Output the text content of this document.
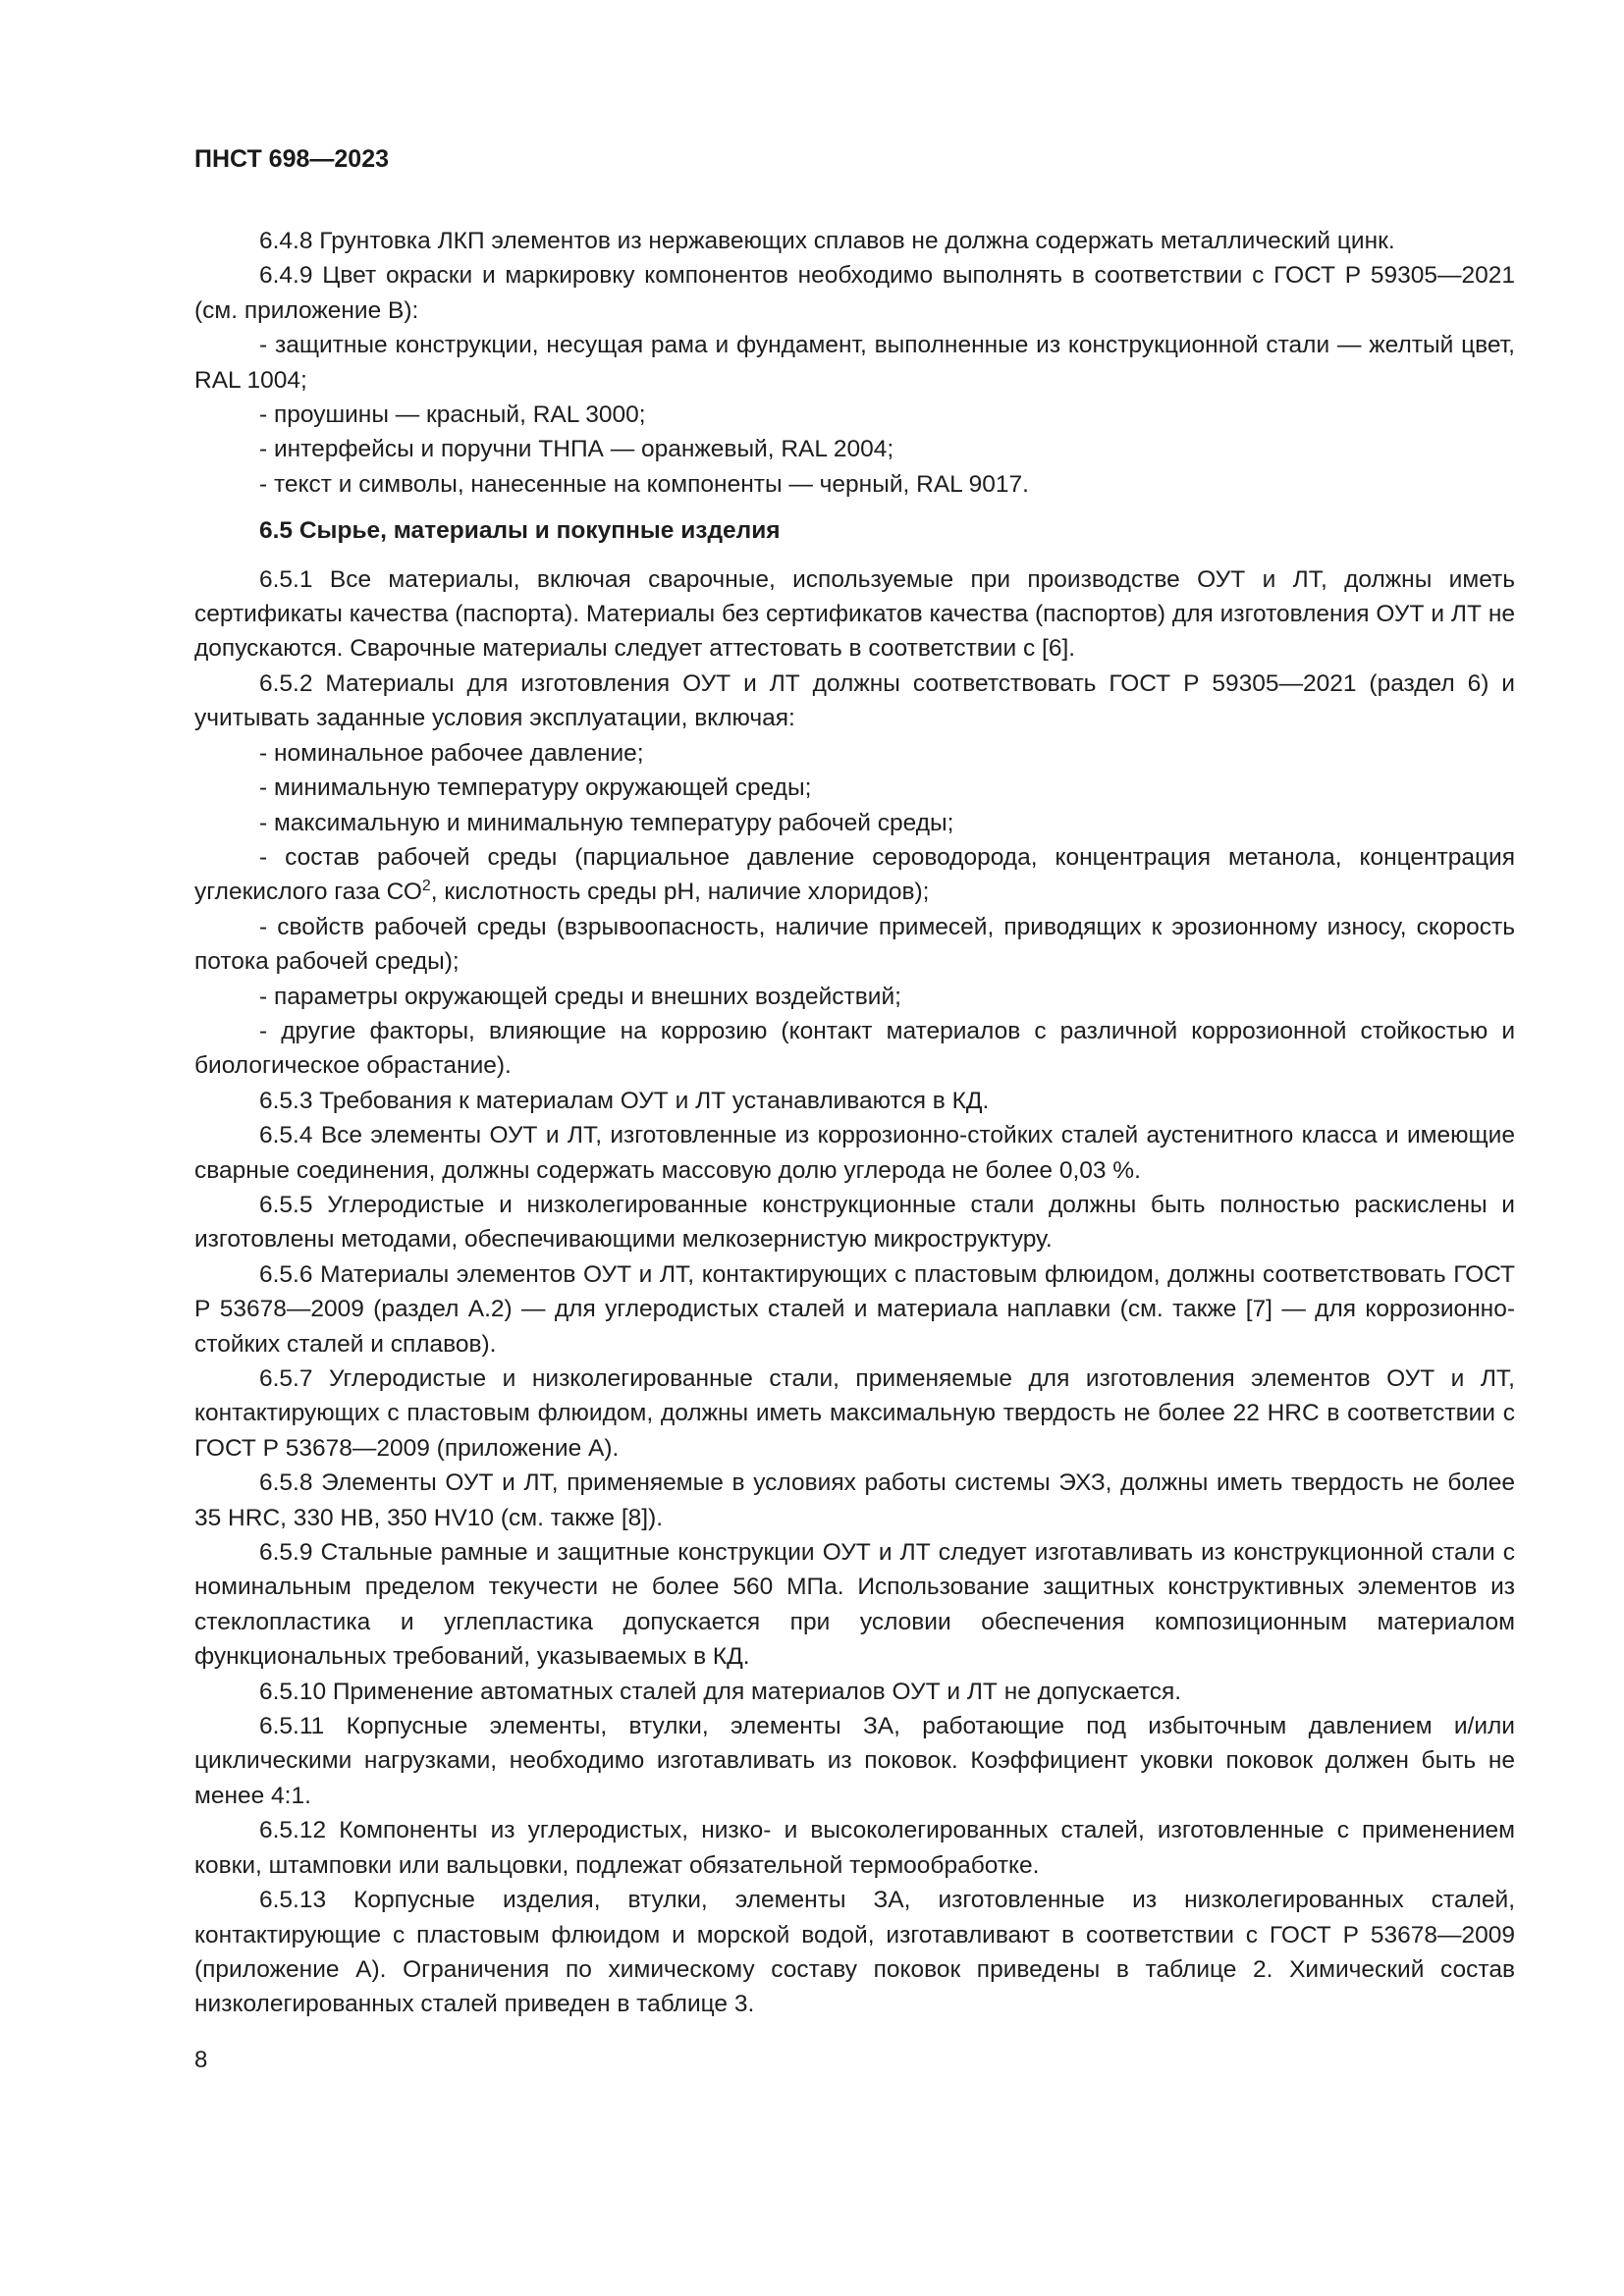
ПНСТ 698—2023

6.4.8 Грунтовка ЛКП элементов из нержавеющих сплавов не должна содержать металлический цинк.

6.4.9 Цвет окраски и маркировку компонентов необходимо выполнять в соответствии с ГОСТ Р 59305—2021 (см. приложение В):

- защитные конструкции, несущая рама и фундамент, выполненные из конструкционной стали — желтый цвет, RAL 1004;

- проушины — красный, RAL 3000;

- интерфейсы и поручни ТНПА — оранжевый, RAL 2004;

- текст и символы, нанесенные на компоненты — черный, RAL 9017.

6.5 Сырье, материалы и покупные изделия

6.5.1 Все материалы, включая сварочные, используемые при производстве ОУТ и ЛТ, должны иметь сертификаты качества (паспорта). Материалы без сертификатов качества (паспортов) для изготовления ОУТ и ЛТ не допускаются. Сварочные материалы следует аттестовать в соответствии с [6].

6.5.2 Материалы для изготовления ОУТ и ЛТ должны соответствовать ГОСТ Р 59305—2021 (раздел 6) и учитывать заданные условия эксплуатации, включая:

- номинальное рабочее давление;

- минимальную температуру окружающей среды;

- максимальную и минимальную температуру рабочей среды;

- состав рабочей среды (парциальное давление сероводорода, концентрация метанола, концентрация углекислого газа $СО^2$, кислотность среды pH, наличие хлоридов);

- свойств рабочей среды (взрывоопасность, наличие примесей, приводящих к эрозионному износу, скорость потока рабочей среды);

- параметры окружающей среды и внешних воздействий;

- другие факторы, влияющие на коррозию (контакт материалов с различной коррозионной стойкостью и биологическое обрастание).

6.5.3 Требования к материалам ОУТ и ЛТ устанавливаются в КД.

6.5.4 Все элементы ОУТ и ЛТ, изготовленные из коррозионно-стойких сталей аустенитного класса и имеющие сварные соединения, должны содержать массовую долю углерода не более 0,03 %.

6.5.5 Углеродистые и низколегированные конструкционные стали должны быть полностью раскислены и изготовлены методами, обеспечивающими мелкозернистую микроструктуру.

6.5.6 Материалы элементов ОУТ и ЛТ, контактирующих с пластовым флюидом, должны соответствовать ГОСТ Р 53678—2009 (раздел А.2) — для углеродистых сталей и материала наплавки (см. также [7] — для коррозионно-стойких сталей и сплавов).

6.5.7 Углеродистые и низколегированные стали, применяемые для изготовления элементов ОУТ и ЛТ, контактирующих с пластовым флюидом, должны иметь максимальную твердость не более 22 HRC в соответствии с ГОСТ Р 53678—2009 (приложение А).

6.5.8 Элементы ОУТ и ЛТ, применяемые в условиях работы системы ЭХЗ, должны иметь твердость не более 35 HRC, 330 HB, 350 HV10 (см. также [8]).

6.5.9 Стальные рамные и защитные конструкции ОУТ и ЛТ следует изготавливать из конструкционной стали с номинальным пределом текучести не более 560 МПа. Использование защитных конструктивных элементов из стеклопластика и углепластика допускается при условии обеспечения композиционным материалом функциональных требований, указываемых в КД.

6.5.10 Применение автоматных сталей для материалов ОУТ и ЛТ не допускается.

6.5.11 Корпусные элементы, втулки, элементы ЗА, работающие под избыточным давлением и/или циклическими нагрузками, необходимо изготавливать из поковок. Коэффициент уковки поковок должен быть не менее 4:1.

6.5.12 Компоненты из углеродистых, низко- и высоколегированных сталей, изготовленные с применением ковки, штамповки или вальцовки, подлежат обязательной термообработке.

6.5.13 Корпусные изделия, втулки, элементы ЗА, изготовленные из низколегированных сталей, контактирующие с пластовым флюидом и морской водой, изготавливают в соответствии с ГОСТ Р 53678—2009 (приложение А). Ограничения по химическому составу поковок приведены в таблице 2. Химический состав низколегированных сталей приведен в таблице 3.

8
